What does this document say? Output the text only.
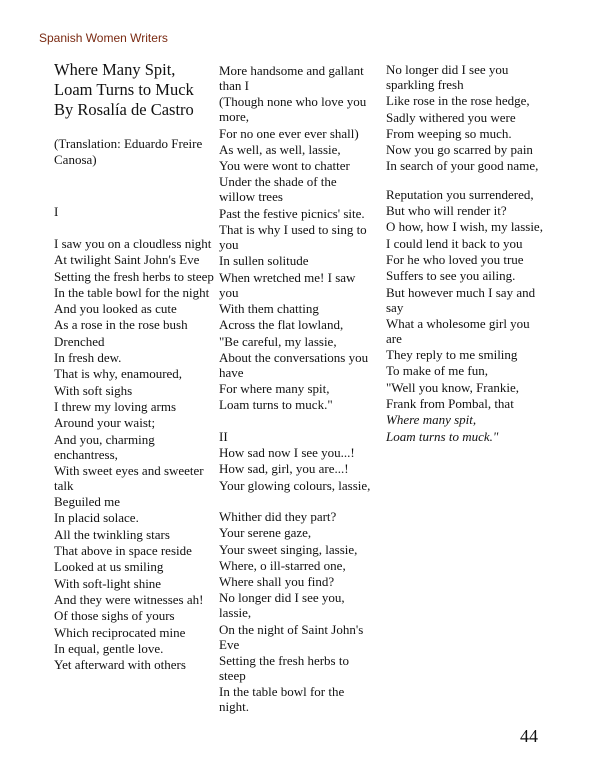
Spanish Women Writers
Where Many Spit,
Loam Turns to Muck
By Rosalía de Castro
(Translation: Eduardo Freire Canosa)
I
I saw you on a cloudless night
At twilight Saint John's Eve
Setting the fresh herbs to steep
In the table bowl for the night
And you looked as cute
As a rose in the rose bush
Drenched
In fresh dew.
That is why, enamoured,
With soft sighs
I threw my loving arms
Around your waist;
And you, charming enchantress,
With sweet eyes and sweeter talk
Beguiled me
In placid solace.
All the twinkling stars
That above in space reside
Looked at us smiling
With soft-light shine
And they were witnesses ah!
Of those sighs of yours
Which reciprocated mine
In equal, gentle love.
Yet afterward with others
More handsome and gallant than I
(Though none who love you more,
For no one ever ever shall)
As well, as well, lassie,
You were wont to chatter
Under the shade of the willow trees
Past the festive picnics' site.
That is why I used to sing to you
In sullen solitude
When wretched me! I saw you
With them chatting
Across the flat lowland,
"Be careful, my lassie,
About the conversations you have
For where many spit,
Loam turns to muck."
II
How sad now I see you...!
How sad, girl, you are...!
Your glowing colours, lassie,
Whither did they part?
Your serene gaze,
Your sweet singing, lassie,
Where, o ill-starred one,
Where shall you find?
No longer did I see you, lassie,
On the night of Saint John's Eve
Setting the fresh herbs to steep
In the table bowl for the night.
No longer did I see you sparkling fresh
Like rose in the rose hedge,
Sadly withered you were
From weeping so much.
Now you go scarred by pain
In search of your good name,
Reputation you surrendered,
But who will render it?
O how, how I wish, my lassie,
I could lend it back to you
For he who loved you true
Suffers to see you ailing.
But however much I say and say
What a wholesome girl you are
They reply to me smiling
To make of me fun,
"Well you know, Frankie,
Frank from Pombal, that
Where many spit,
Loam turns to muck."
44
